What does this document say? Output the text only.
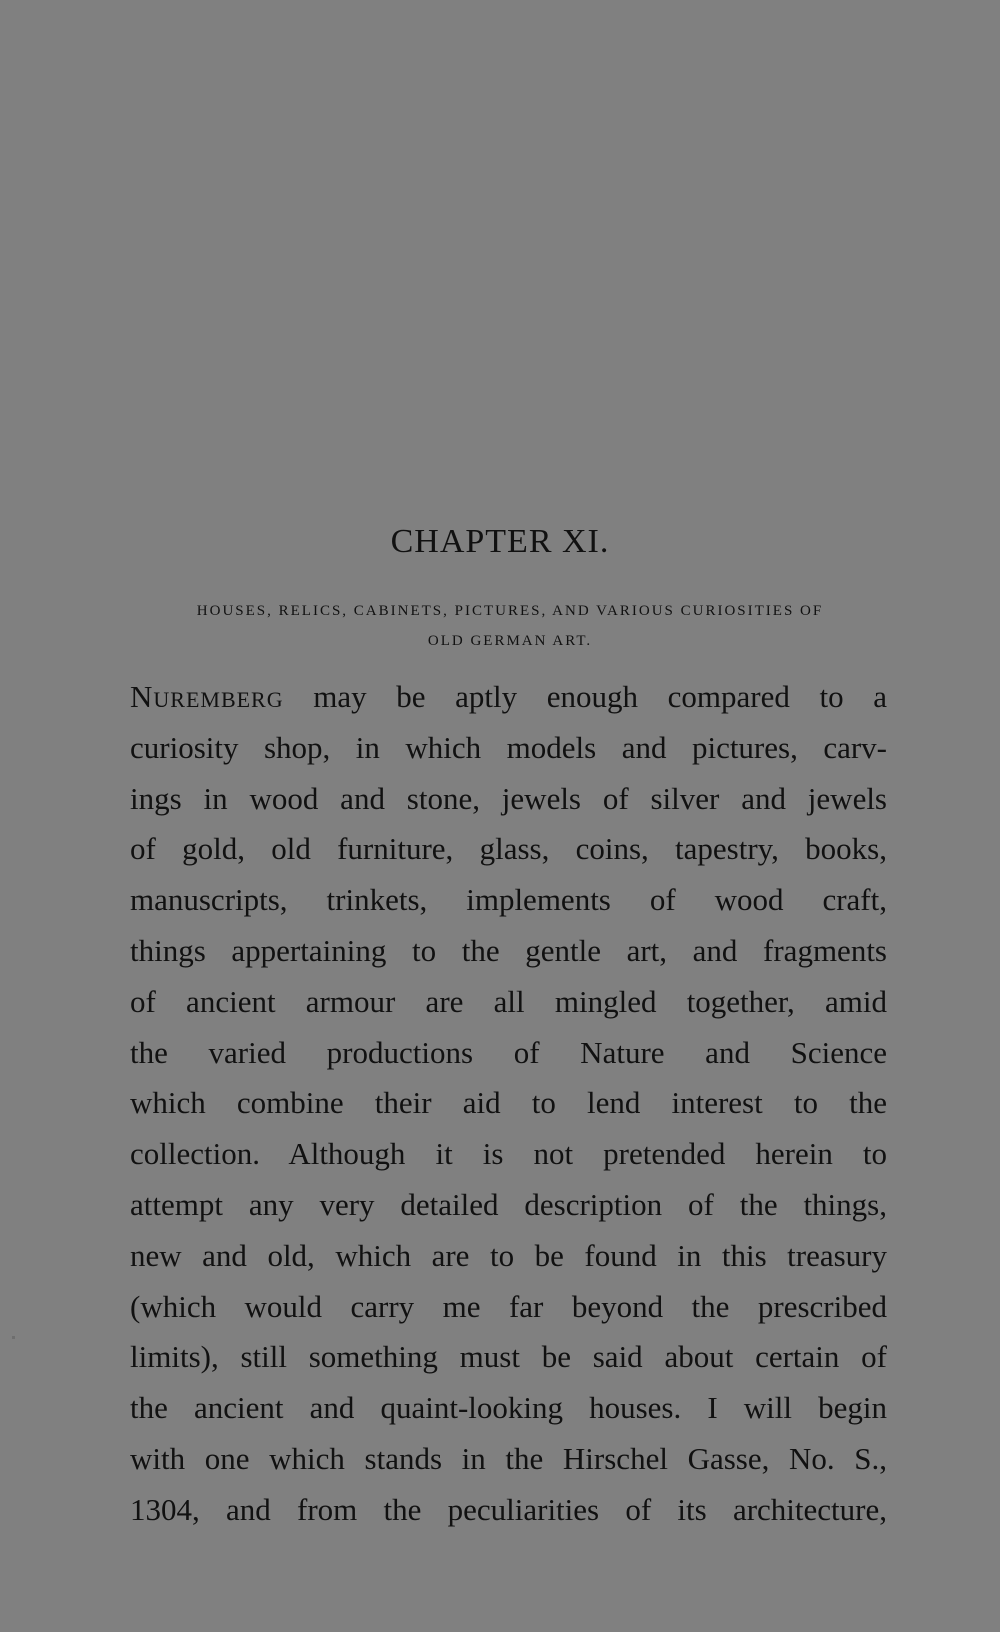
CHAPTER XI.
HOUSES, RELICS, CABINETS, PICTURES, AND VARIOUS CURIOSITIES OF
OLD GERMAN ART.
Nuremberg may be aptly enough compared to a
curiosity shop, in which models and pictures, carv-
ings in wood and stone, jewels of silver and jewels
of gold, old furniture, glass, coins, tapestry, books,
manuscripts, trinkets, implements of wood craft,
things appertaining to the gentle art, and fragments
of ancient armour are all mingled together, amid
the varied productions of Nature and Science
which combine their aid to lend interest to the
collection. Although it is not pretended herein to
attempt any very detailed description of the things,
new and old, which are to be found in this treasury
(which would carry me far beyond the prescribed
limits), still something must be said about certain of
the ancient and quaint-looking houses. I will begin
with one which stands in the Hirschel Gasse, No. S.,
1304, and from the peculiarities of its architecture,
